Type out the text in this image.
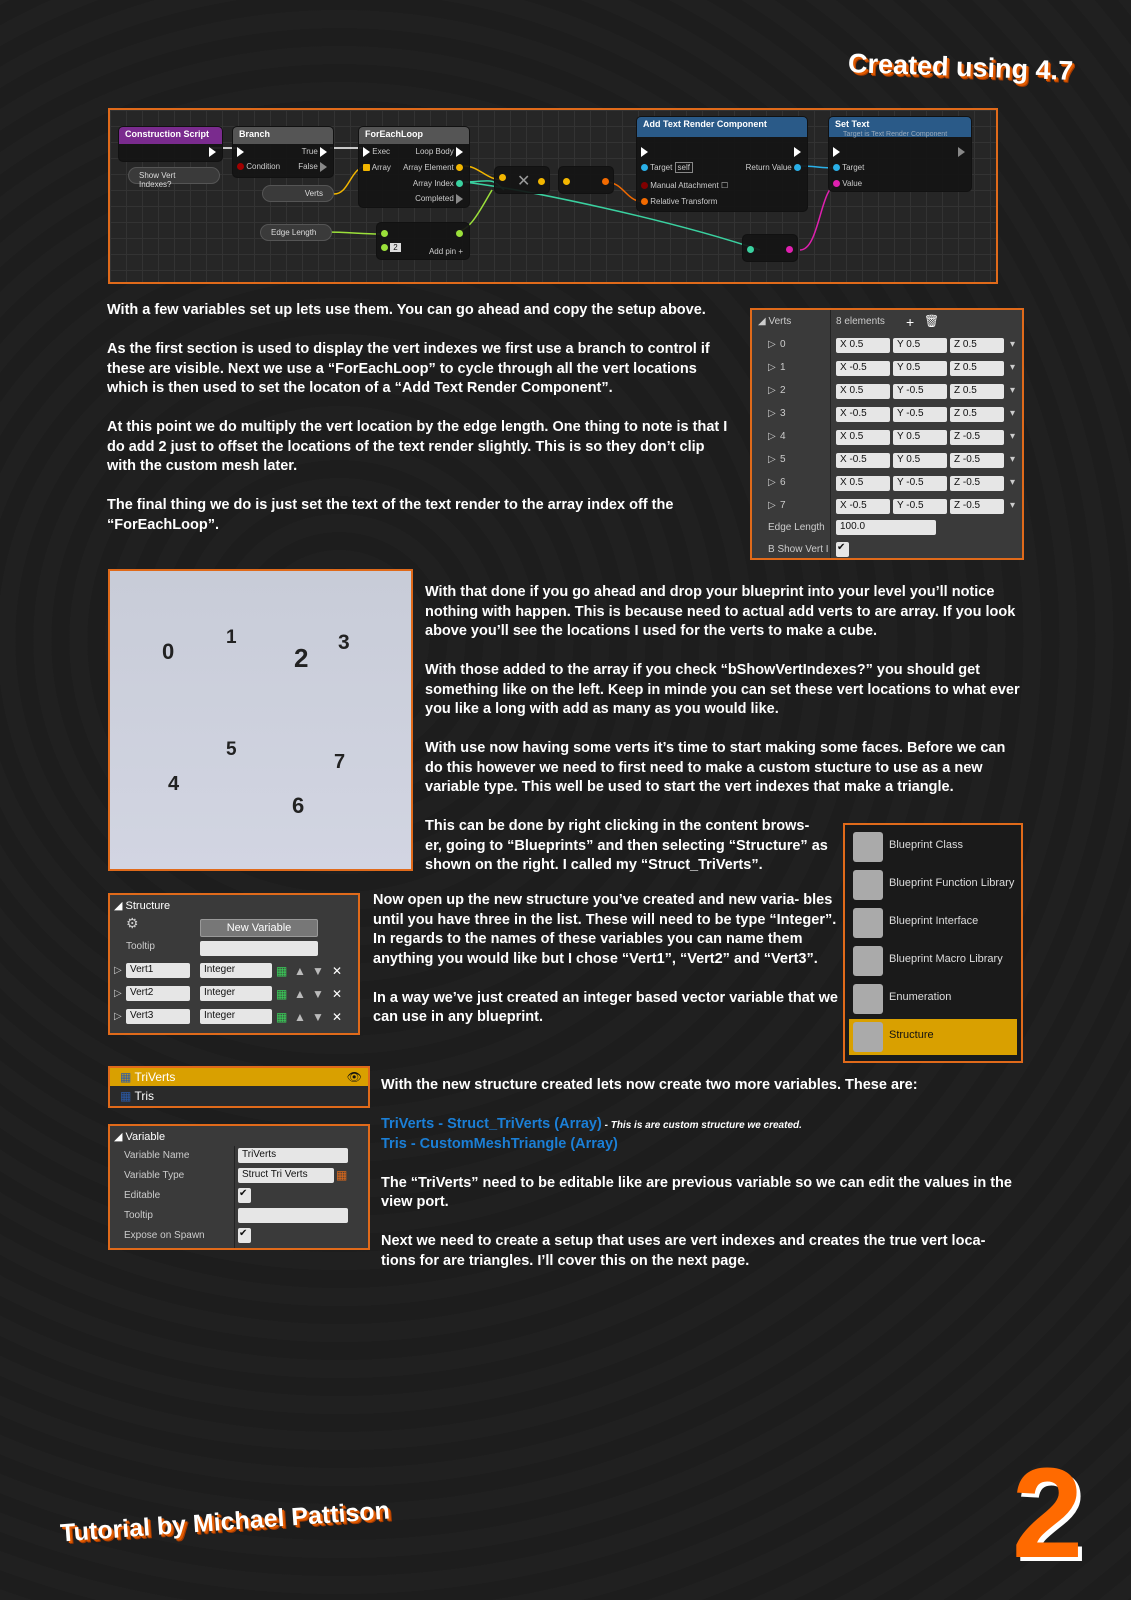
Created using 4.7
Construction Script
Show Vert Indexes?
Branch
Condition
True
False
Verts
ForEachLoop
Exec
Array
Loop Body
Array Element
Array Index
Completed
Edge Length
2	Add pin +
✕
Add Text Render Component
Target self
Manual Attachment ☐
Relative Transform
Return Value
Set Text
Target is Text Render Component
Target
Value

With a few variables set up lets use them. You can go ahead and copy the setup above.

As the first section is used to display the vert indexes we first use a branch to control if these are visible. Next we use a “ForEachLoop” to cycle through all the vert locations which is then used to set the locaton of a “Add Text Render Component”.

At this point we do multiply the vert location by the edge length. One thing to note is that I do add 2 just to offset the locations of the text render slightly. This is so they don’t clip with the custom mesh later.

The final thing we do is just set the text of the text render to the array index off the “ForEachLoop”.

◢ Verts	8 elements + 🗑
▷ 0	X 0.5	Y 0.5	Z 0.5	▾
▷ 1	X -0.5	Y 0.5	Z 0.5	▾
▷ 2	X 0.5	Y -0.5	Z 0.5	▾
▷ 3	X -0.5	Y -0.5	Z 0.5	▾
▷ 4	X 0.5	Y 0.5	Z -0.5	▾
▷ 5	X -0.5	Y 0.5	Z -0.5	▾
▷ 6	X 0.5	Y -0.5	Z -0.5	▾
▷ 7	X -0.5	Y -0.5	Z -0.5	▾
Edge Length	100.0
B Show Vert I ✔
0
1
2
3
4
5
6
7

With that done if you go ahead and drop your blueprint into your level you’ll notice nothing with happen. This is because need to actual add verts to are array. If you look above you’ll see the locations I used for the verts to make a cube.

With those added to the array if you check “bShowVertIndexes?” you should get something like on the left. Keep in minde you can set these vert locations to what ever you like a long with add as many as you would like.

With use now having some verts it’s time to start making some faces. Before we can do this however we need to first need to make a custom stucture to use as a new variable type. This well be used to start the vert indexes that make a triangle.

This can be done by right clicking in the content brows- er, going to “Blueprints” and then selecting “Structure” as shown on the right. I called my “Struct_TriVerts”.
Blueprint Class
Blueprint Function Library
Blueprint Interface
Blueprint Macro Library
Enumeration
Structure
◢ Structure
⚙	New Variable
Tooltip
▷ Vert1	Integer	▦ ▲ ▼ ✕
▷ Vert2	Integer	▦ ▲ ▼ ✕
▷ Vert3	Integer	▦ ▲ ▼ ✕

Now open up the new structure you’ve created and new varia- bles until you have three in the list. These will need to be type “Integer”. In regards to the names of these variables you can name them anything you would like but I chose “Vert1”, “Vert2” and “Vert3”.

In a way we’ve just created an integer based vector variable that we can use in any blueprint.

▦ TriVerts	👁
▦ Tris
◢ Variable
Variable Name	TriVerts
Variable Type	Struct Tri Verts	▦
Editable	✔
Tooltip
Expose on Spawn	✔

With the new structure created lets now create two more variables. These are:

TriVerts - Struct_TriVerts (Array) - This is are custom structure we created.

Tris - CustomMeshTriangle (Array)

The “TriVerts” need to be editable like are previous variable so we can edit the values in the view port.

Next we need to create a setup that uses are vert indexes and creates the true vert loca- tions for are triangles. I’ll cover this on the next page.

Tutorial by Michael Pattison	2
